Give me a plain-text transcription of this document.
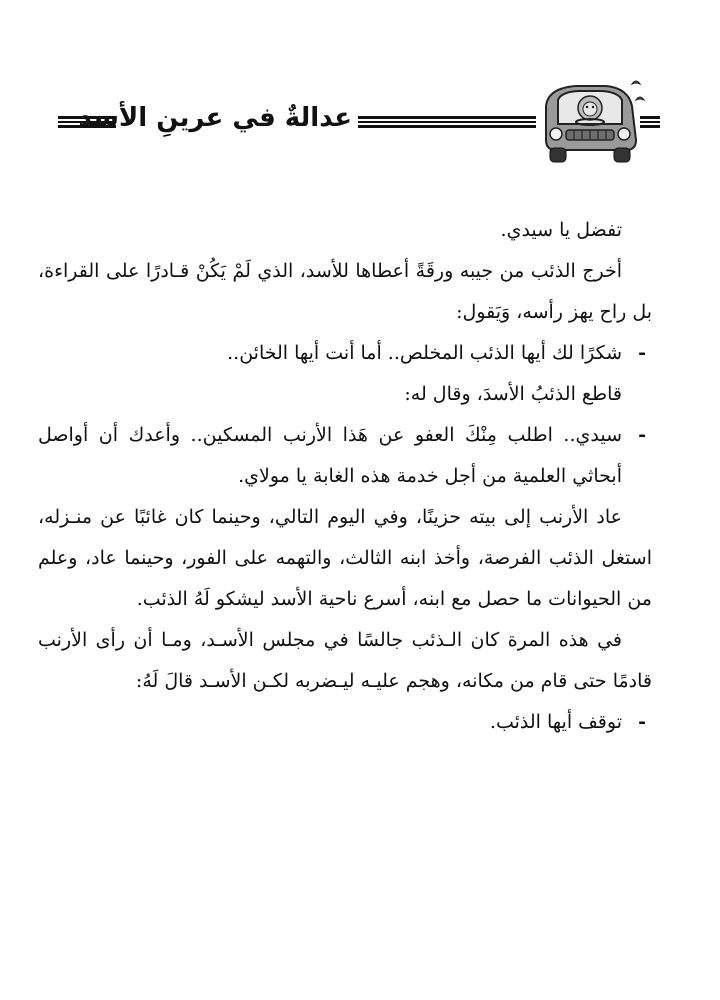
عدالةٌ في عرينِ الأسد

تفضل يا سيدي.

أخرج الذئب من جيبه ورقَةً أعطاها للأسد، الذي لَمْ يَكُنْ قـادرًا على القراءة، بل راح يهز رأسه، وَيَقول:

-
شكرًا لك أيها الذئب المخلص.. أما أنت أيها الخائن..

قاطع الذئبُ الأسدَ، وقال له:

-
سيدي.. اطلب مِنْكَ العفو عن هَذا الأرنب المسكين.. وأعدك أن أواصل أبحاثي العلمية من أجل خدمة هذه الغابة يا مولاي.

عاد الأرنب إلى بيته حزينًا، وفي اليوم التالي، وحينما كان غائبًا عن منـزله، استغل الذئب الفرصة، وأخذ ابنه الثالث، والتهمه على الفور، وحينما عاد، وعلم من الحيوانات ما حصل مع ابنه، أسرع ناحية الأسد ليشكو لَهُ الذئب.

في هذه المرة كان الـذئب جالسًا في مجلس الأسـد، ومـا أن رأى الأرنب قادمًا حتى قام من مكانه، وهجم عليـه ليـضربه لكـن الأسـد قالَ لَهُ:

-
توقف أيها الذئب.
